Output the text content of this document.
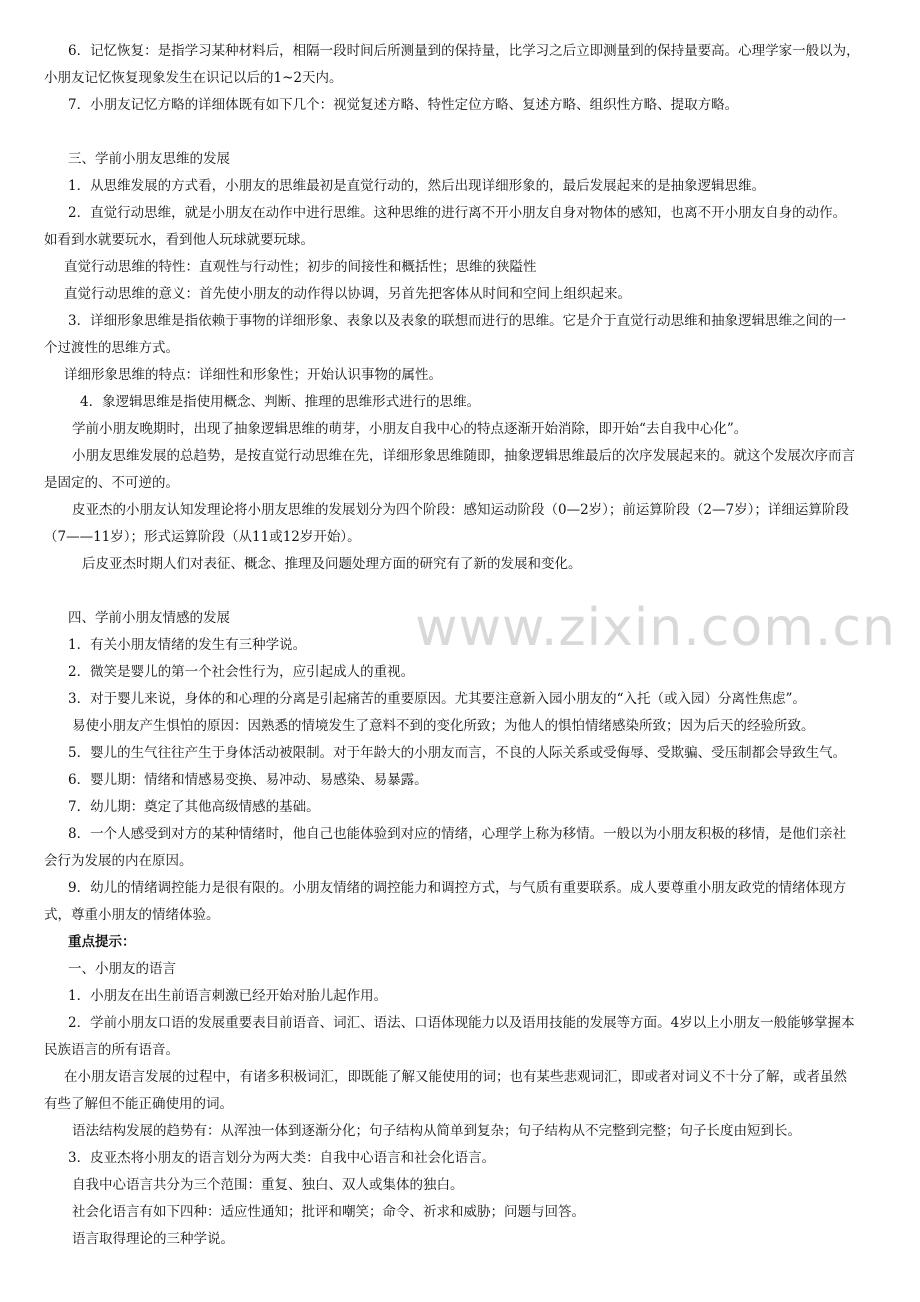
www.zixin.com.cn

6．记忆恢复：是指学习某种材料后，相隔一段时间后所测量到的保持量，比学习之后立即测量到的保持量要高。心理学家一般以为，

小朋友记忆恢复现象发生在识记以后的1~2天内。

7．小朋友记忆方略的详细体既有如下几个：视觉复述方略、特性定位方略、复述方略、组织性方略、提取方略。

三、学前小朋友思维的发展

1．从思维发展的方式看，小朋友的思维最初是直觉行动的，然后出现详细形象的，最后发展起来的是抽象逻辑思维。

2．直觉行动思维，就是小朋友在动作中进行思维。这种思维的进行离不开小朋友自身对物体的感知，也离不开小朋友自身的动作。

如看到水就要玩水，看到他人玩球就要玩球。

直觉行动思维的特性：直观性与行动性；初步的间接性和概括性；思维的狭隘性

直觉行动思维的意义：首先使小朋友的动作得以协调，另首先把客体从时间和空间上组织起来。

3．详细形象思维是指依赖于事物的详细形象、表象以及表象的联想而进行的思维。它是介于直觉行动思维和抽象逻辑思维之间的一

个过渡性的思维方式。

详细形象思维的特点：详细性和形象性；开始认识事物的属性。

4．象逻辑思维是指使用概念、判断、推理的思维形式进行的思维。

学前小朋友晚期时，出现了抽象逻辑思维的萌芽，小朋友自我中心的特点逐渐开始消除，即开始“去自我中心化”。

小朋友思维发展的总趋势，是按直觉行动思维在先，详细形象思维随即，抽象逻辑思维最后的次序发展起来的。就这个发展次序而言

是固定的、不可逆的。

皮亚杰的小朋友认知发理论将小朋友思维的发展划分为四个阶段：感知运动阶段（0—2岁）；前运算阶段（2—7岁）；详细运算阶段

（7——11岁）；形式运算阶段（从11或12岁开始）。

后皮亚杰时期人们对表征、概念、推理及问题处理方面的研究有了新的发展和变化。

四、学前小朋友情感的发展

1．有关小朋友情绪的发生有三种学说。

2．微笑是婴儿的第一个社会性行为，应引起成人的重视。

3．对于婴儿来说，身体的和心理的分离是引起痛苦的重要原因。尤其要注意新入园小朋友的“入托（或入园）分离性焦虑”。

易使小朋友产生惧怕的原因：因熟悉的情境发生了意料不到的变化所致；为他人的惧怕情绪感染所致；因为后天的经验所致。

5．婴儿的生气往往产生于身体活动被限制。对于年龄大的小朋友而言，不良的人际关系或受侮辱、受欺骗、受压制都会导致生气。

6．婴儿期：情绪和情感易变换、易冲动、易感染、易暴露。

7．幼儿期：奠定了其他高级情感的基础。

8．一个人感受到对方的某种情绪时，他自己也能体验到对应的情绪，心理学上称为移情。一般以为小朋友积极的移情，是他们亲社

会行为发展的内在原因。

9．幼儿的情绪调控能力是很有限的。小朋友情绪的调控能力和调控方式，与气质有重要联系。成人要尊重小朋友政党的情绪体现方

式，尊重小朋友的情绪体验。

重点提示：

一、小朋友的语言

1．小朋友在出生前语言刺激已经开始对胎儿起作用。

2．学前小朋友口语的发展重要表目前语音、词汇、语法、口语体现能力以及语用技能的发展等方面。4岁以上小朋友一般能够掌握本

民族语言的所有语音。

在小朋友语言发展的过程中，有诸多积极词汇，即既能了解又能使用的词；也有某些悲观词汇，即或者对词义不十分了解，或者虽然

有些了解但不能正确使用的词。

语法结构发展的趋势有：从浑浊一体到逐渐分化；句子结构从简单到复杂；句子结构从不完整到完整；句子长度由短到长。

3．皮亚杰将小朋友的语言划分为两大类：自我中心语言和社会化语言。

自我中心语言共分为三个范围：重复、独白、双人或集体的独白。

社会化语言有如下四种：适应性通知；批评和嘲笑；命令、祈求和威胁；问题与回答。

语言取得理论的三种学说。
